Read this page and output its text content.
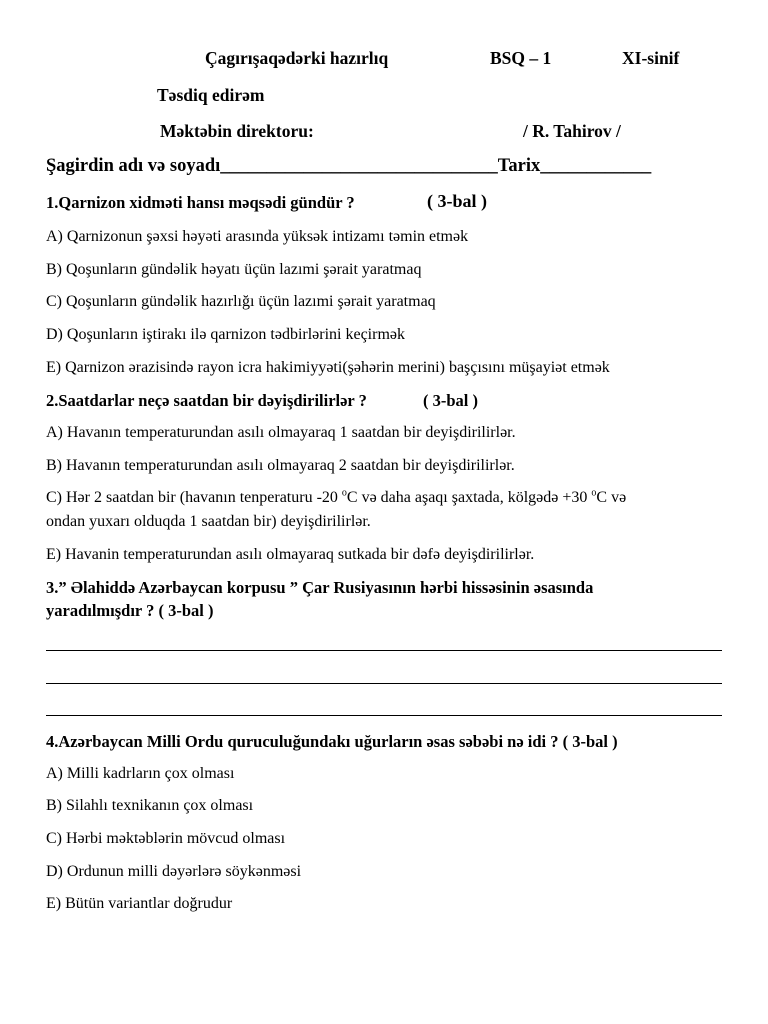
Çagırışaqədərki hazırlıq	BSQ – 1	XI-sinif
Təsdiq edirəm
Məktəbin direktoru:	/ R. Tahirov /
Şagirdin adı və soyadı______________________________Tarix____________
1.Qarnizon xidməti hansı məqsədi gündür ?	( 3-bal )
A) Qarnizonun şəxsi həyəti arasında yüksək intizamı təmin etmək
B) Qoşunların gündəlik həyatı üçün lazımi şərait yaratmaq
C) Qoşunların gündəlik hazırlığı üçün lazımi şərait yaratmaq
D) Qoşunların iştirakı ilə qarnizon tədbirlərini keçirmək
E) Qarnizon ərazisində rayon icra hakimiyyəti(şəhərin merini) başçısını müşayiət etmək
2.Saatdarlar neçə saatdan bir dəyişdirilirlər ?	( 3-bal )
A) Havanın temperaturundan asılı olmayaraq 1 saatdan bir deyişdirilirlər.
B) Havanın temperaturundan asılı olmayaraq 2 saatdan bir deyişdirilirlər.
C) Hər 2 saatdan bir (havanın tenperaturu -20 $^o$C və daha aşaqı şaxtada, kölgədə +30 $^o$C və
ondan yuxarı olduqda 1 saatdan bir) deyişdirilirlər.
E) Havanin temperaturundan asılı olmayaraq sutkada bir dəfə deyişdirilirlər.
3.” Əlahiddə Azərbaycan korpusu ” Çar Rusiyasının hərbi hissəsinin əsasında
yaradılmışdır ? ( 3-bal )
4.Azərbaycan Milli Ordu quruculuğundakı uğurların əsas səbəbi nə idi ? ( 3-bal )
A) Milli kadrların çox olması
B) Silahlı texnikanın çox olması
C) Hərbi məktəblərin mövcud olması
D) Ordunun milli dəyərlərə söykənməsi
E) Bütün variantlar doğrudur
